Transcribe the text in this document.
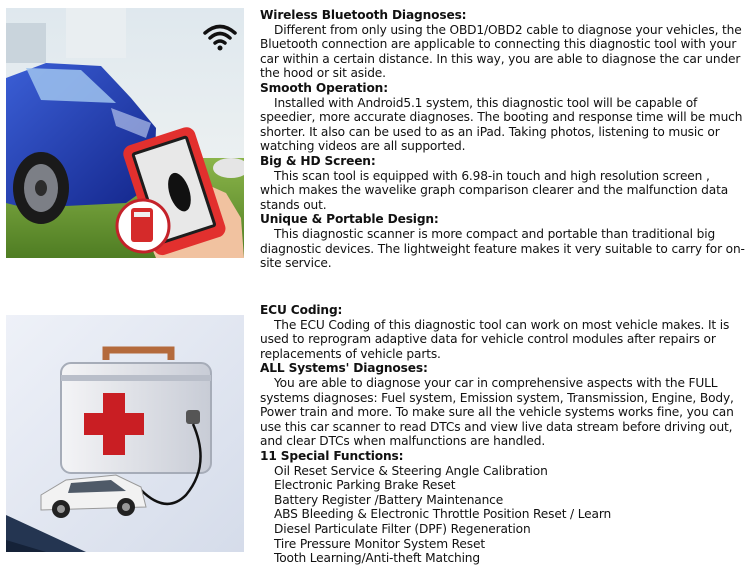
Wireless Bluetooth Diagnoses:
Different from only using the OBD1/OBD2 cable to diagnose your vehicles, the Bluetooth connection are applicable to connecting this diagnostic tool with your car within a certain distance. In this way, you are able to diagnose the car under the hood or sit aside.
Smooth Operation:
Installed with Android5.1 system, this diagnostic tool will be capable of speedier, more accurate diagnoses. The booting and response time will be much shorter. It also can be used to as an iPad. Taking photos, listening to music or watching videos are all supported.
Big & HD Screen:
This scan tool is equipped with 6.98-in touch and high resolution screen , which makes the wavelike graph comparison clearer and the malfunction data stands out.
Unique & Portable Design:
This diagnostic scanner is more compact and portable than traditional big diagnostic devices. The lightweight feature makes it very suitable to carry for on-site service.
ECU Coding:
The ECU Coding of this diagnostic tool can work on most vehicle makes. It is used to reprogram adaptive data for vehicle control modules after repairs or replacements of vehicle parts.
ALL Systems' Diagnoses:
You are able to diagnose your car in comprehensive aspects with the FULL systems diagnoses: Fuel system, Emission system, Transmission, Engine, Body, Power train and more. To make sure all the vehicle systems works fine, you can use this car scanner to read DTCs and view live data stream before driving out, and clear DTCs when malfunctions are handled.
11 Special Functions:
Oil Reset Service & Steering Angle Calibration
Electronic Parking Brake Reset
Battery Register /Battery Maintenance
ABS Bleeding & Electronic Throttle Position Reset / Learn
Diesel Particulate Filter (DPF) Regeneration
Tire Pressure Monitor System Reset
Tooth Learning/Anti-theft Matching
